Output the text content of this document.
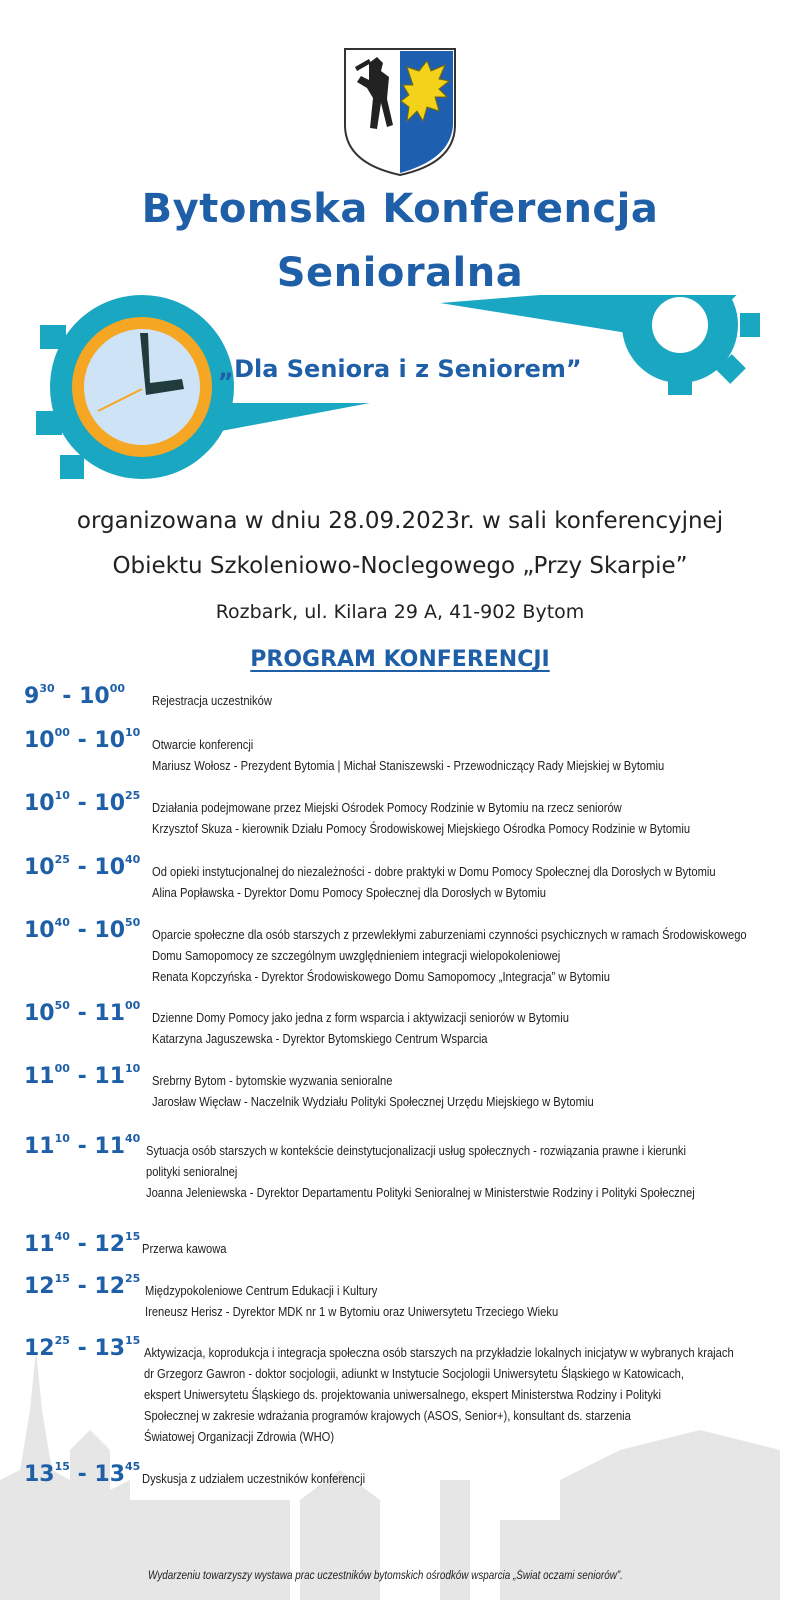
Bytomska Konferencja
Senioralna
„Dla Seniora i z Seniorem”
organizowana w dniu 28.09.2023r. w sali konferencyjnej
Obiektu Szkoleniowo-Noclegowego „Przy Skarpie”
Rozbark, ul. Kilara 29 A, 41-902 Bytom
PROGRAM KONFERENCJI
$9^{30} - 10^{00}$
Rejestracja uczestników
$10^{00} - 10^{10}$
Otwarcie konferencji
Mariusz Wołosz - Prezydent Bytomia | Michał Staniszewski - Przewodniczący Rady Miejskiej w Bytomiu
$10^{10} - 10^{25}$
Działania podejmowane przez Miejski Ośrodek Pomocy Rodzinie w Bytomiu na rzecz seniorów
Krzysztof Skuza - kierownik Działu Pomocy Środowiskowej Miejskiego Ośrodka Pomocy Rodzinie w Bytomiu
$10^{25} - 10^{40}$
Od opieki instytucjonalnej do niezależności - dobre praktyki w Domu Pomocy Społecznej dla Dorosłych w Bytomiu
Alina Popławska - Dyrektor Domu Pomocy Społecznej dla Dorosłych w Bytomiu
$10^{40} - 10^{50}$
Oparcie społeczne dla osób starszych z przewlekłymi zaburzeniami czynności psychicznych w ramach Środowiskowego
Domu Samopomocy ze szczególnym uwzględnieniem integracji wielopokoleniowej
Renata Kopczyńska - Dyrektor Środowiskowego Domu Samopomocy „Integracja” w Bytomiu
$10^{50} - 11^{00}$
Dzienne Domy Pomocy jako jedna z form wsparcia i aktywizacji seniorów w Bytomiu
Katarzyna Jaguszewska - Dyrektor Bytomskiego Centrum Wsparcia
$11^{00} - 11^{10}$
Srebrny Bytom - bytomskie wyzwania senioralne
Jarosław Więcław - Naczelnik Wydziału Polityki Społecznej Urzędu Miejskiego w Bytomiu
$11^{10} - 11^{40}$
Sytuacja osób starszych w kontekście deinstytucjonalizacji usług społecznych - rozwiązania prawne i kierunki
polityki senioralnej
Joanna Jeleniewska - Dyrektor Departamentu Polityki Senioralnej w Ministerstwie Rodziny i Polityki Społecznej
$11^{40} - 12^{15}$
Przerwa kawowa
$12^{15} - 12^{25}$
Międzypokoleniowe Centrum Edukacji i Kultury
Ireneusz Herisz - Dyrektor MDK nr 1 w Bytomiu oraz Uniwersytetu Trzeciego Wieku
$12^{25} - 13^{15}$
Aktywizacja, koprodukcja i integracja społeczna osób starszych na przykładzie lokalnych inicjatyw w wybranych krajach
dr Grzegorz Gawron - doktor socjologii, adiunkt w Instytucie Socjologii Uniwersytetu Śląskiego w Katowicach,
ekspert Uniwersytetu Śląskiego ds. projektowania uniwersalnego, ekspert Ministerstwa Rodziny i Polityki
Społecznej w zakresie wdrażania programów krajowych (ASOS, Senior+), konsultant ds. starzenia
Światowej Organizacji Zdrowia (WHO)
$13^{15} - 13^{45}$
Dyskusja z udziałem uczestników konferencji
Wydarzeniu towarzyszy wystawa prac uczestników bytomskich ośrodków wsparcia „Świat oczami seniorów”.
